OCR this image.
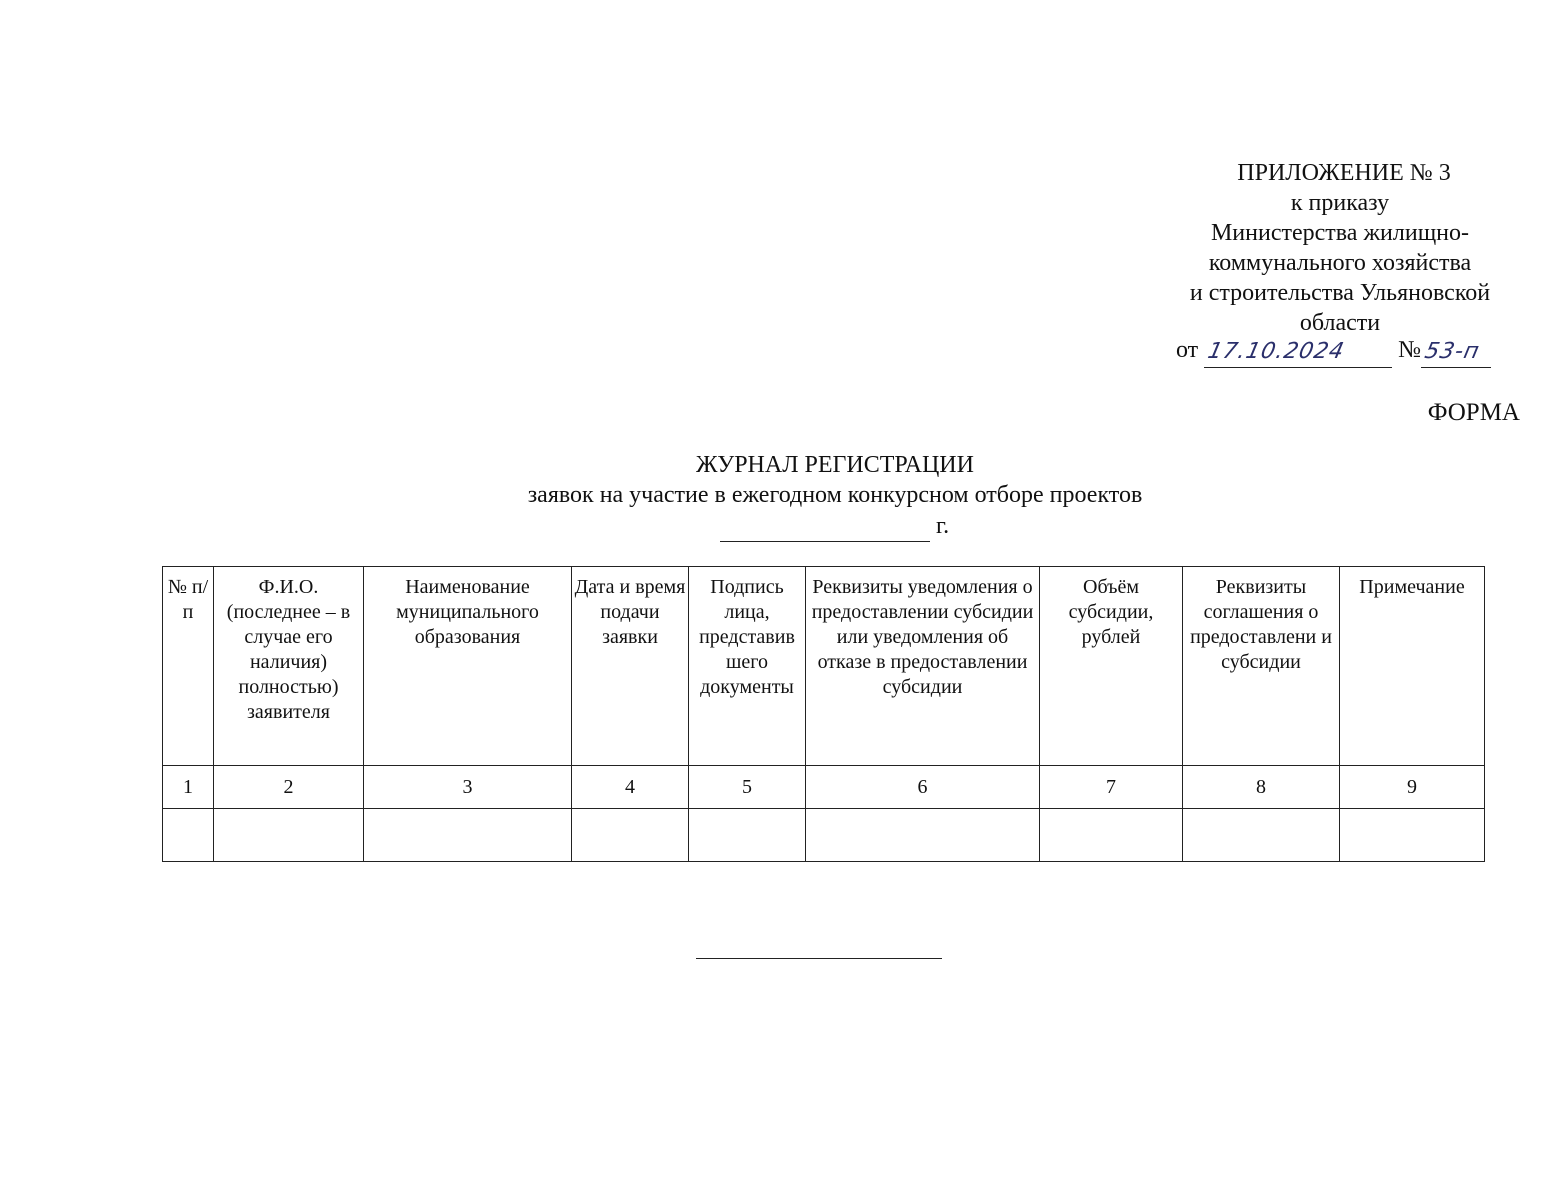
ПРИЛОЖЕНИЕ № 3
к приказу
Министерства жилищно-
коммунального хозяйства
и строительства Ульяновской
области
от 17.10.2024 № 53-п
ФОРМА
ЖУРНАЛ РЕГИСТРАЦИИ
заявок на участие в ежегодном конкурсном отборе проектов
г.
№ п/п	Ф.И.О. (последнее – в случае его наличия) полностью) заявителя	Наименование муниципального образования	Дата и время подачи заявки	Подпись лица, представив шего документы	Реквизиты уведомления о предоставлении субсидии или уведомления об отказе в предоставлении субсидии	Объём субсидии, рублей	Реквизиты соглашения о предоставлени и субсидии	Примечание
1	2	3	4	5	6	7	8	9
